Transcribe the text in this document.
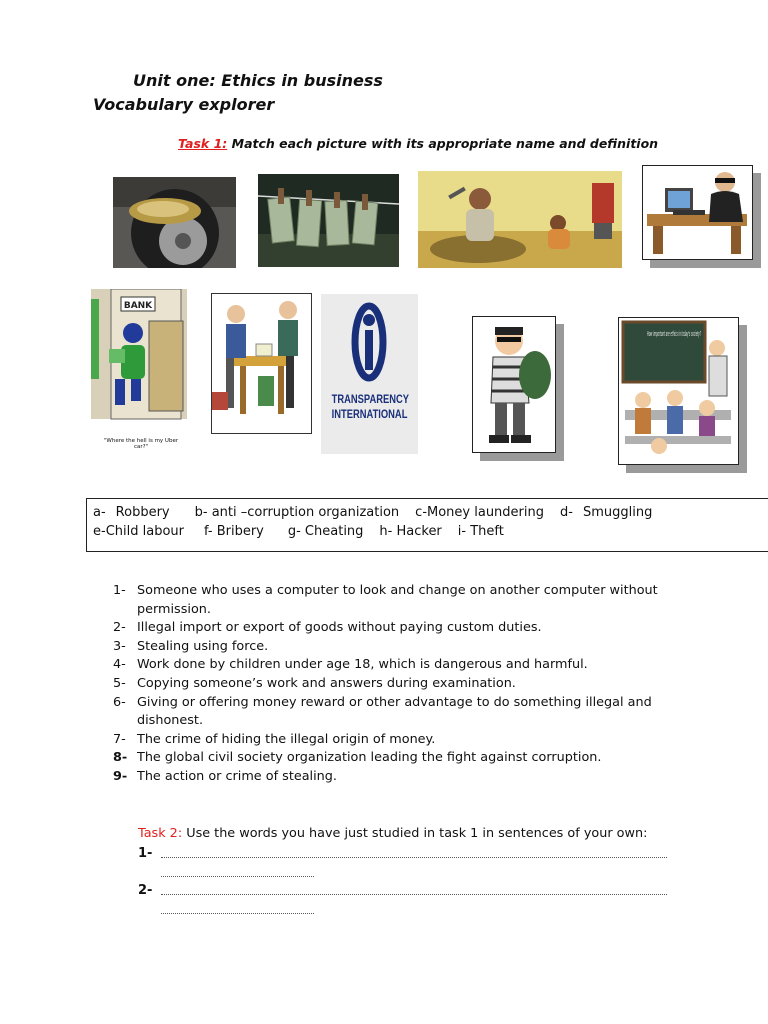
Unit one: Ethics in business
Vocabulary explorer
Task 1: Match each picture with its appropriate name and definition
BANK
"Where the hell is my Uber car?"
TRANSPARENCY
INTERNATIONAL
How important are ethics in today's society?
a- Robbery b- anti –corruption organization c-Money laundering d- Smuggling
e-Child labour f- Bribery g- Cheating h- Hacker i- Theft
1- Someone who uses a computer to look and change on another computer without permission.
2- Illegal import or export of goods without paying custom duties.
3- Stealing using force.
4- Work done by children under age 18, which is dangerous and harmful.
5- Copying someone’s work and answers during examination.
6- Giving or offering money reward or other advantage to do something illegal and dishonest.
7- The crime of hiding the illegal origin of money.
8- The global civil society organization leading the fight against corruption.
9- The action or crime of stealing.
Task 2: Use the words you have just studied in task 1 in sentences of your own:
1-
2-
